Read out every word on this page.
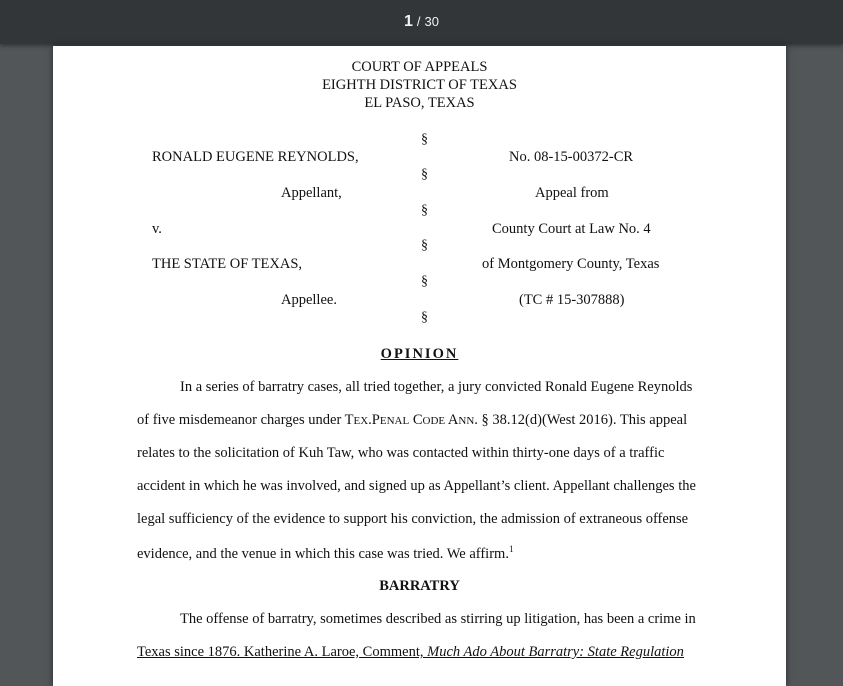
1 / 30
COURT OF APPEALS
EIGHTH DISTRICT OF TEXAS
EL PASO, TEXAS
§
§
§
§
§
§
RONALD EUGENE REYNOLDS,
Appellant,
v.
THE STATE OF TEXAS,
Appellee.
No. 08-15-00372-CR
Appeal from
County Court at Law No. 4
of Montgomery County, Texas
(TC # 15-307888)
OPINION
In a series of barratry cases, all tried together, a jury convicted Ronald Eugene Reynolds
of five misdemeanor charges under TEX.PENAL CODE ANN. § 38.12(d)(West 2016). This appeal
relates to the solicitation of Kuh Taw, who was contacted within thirty-one days of a traffic
accident in which he was involved, and signed up as Appellant’s client. Appellant challenges the
legal sufficiency of the evidence to support his conviction, the admission of extraneous offense
evidence, and the venue in which this case was tried. We affirm.$^1$
BARRATRY
The offense of barratry, sometimes described as stirring up litigation, has been a crime in
Texas since 1876. Katherine A. Laroe, Comment, Much Ado About Barratry: State Regulation
